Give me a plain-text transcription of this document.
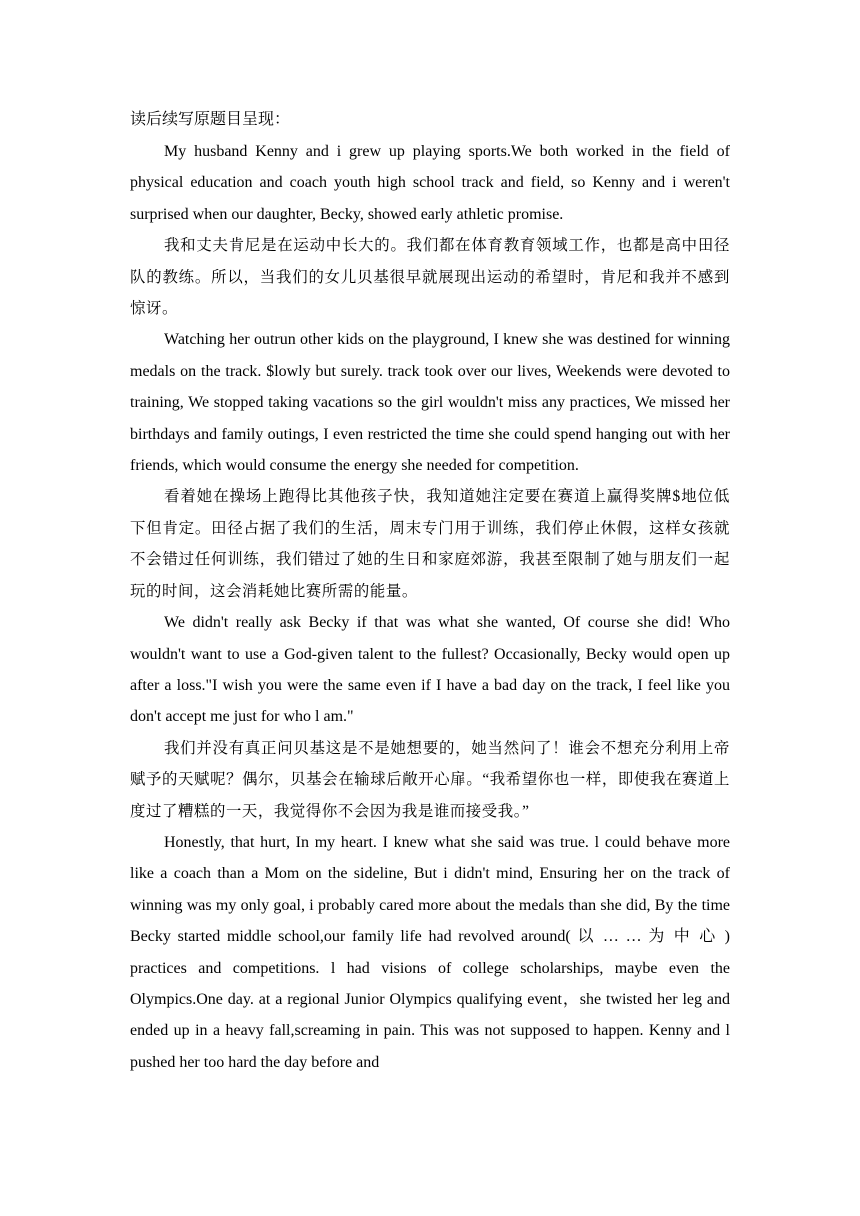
读后续写原题目呈现：

My husband Kenny and i grew up playing sports.We both worked in the field of physical education and coach youth high school track and field, so Kenny and i weren't surprised when our daughter, Becky, showed early athletic promise.

我和丈夫肯尼是在运动中长大的。我们都在体育教育领域工作，也都是高中田径队的教练。所以，当我们的女儿贝基很早就展现出运动的希望时，肯尼和我并不感到惊讶。

Watching her outrun other kids on the playground, I knew she was destined for winning medals on the track. $lowly but surely. track took over our lives, Weekends were devoted to training, We stopped taking vacations so the girl wouldn't miss any practices, We missed her birthdays and family outings, I even restricted the time she could spend hanging out with her friends, which would consume the energy she needed for competition.

看着她在操场上跑得比其他孩子快，我知道她注定要在赛道上赢得奖牌$地位低下但肯定。田径占据了我们的生活，周末专门用于训练，我们停止休假，这样女孩就不会错过任何训练，我们错过了她的生日和家庭郊游，我甚至限制了她与朋友们一起玩的时间，这会消耗她比赛所需的能量。

We didn't really ask Becky if that was what she wanted, Of course she did! Who wouldn't want to use a God-given talent to the fullest? Occasionally, Becky would open up after a loss."I wish you were the same even if I have a bad day on the track, I feel like you don't accept me just for who l am."

我们并没有真正问贝基这是不是她想要的，她当然问了！谁会不想充分利用上帝赋予的天赋呢？偶尔，贝基会在输球后敞开心扉。“我希望你也一样，即使我在赛道上度过了糟糕的一天，我觉得你不会因为我是谁而接受我。”

Honestly, that hurt, In my heart. I knew what she said was true. l could behave more like a coach than a Mom on the sideline, But i didn't mind, Ensuring her on the track of winning was my only goal, i probably cared more about the medals than she did, By the time Becky started middle school,our family life had revolved around( 以 … … 为 中 心 ) practices and competitions. l had visions of college scholarships, maybe even the Olympics.One day. at a regional Junior Olympics qualifying event，she twisted her leg and ended up in a heavy fall,screaming in pain. This was not supposed to happen. Kenny and l pushed her too hard the day before and
